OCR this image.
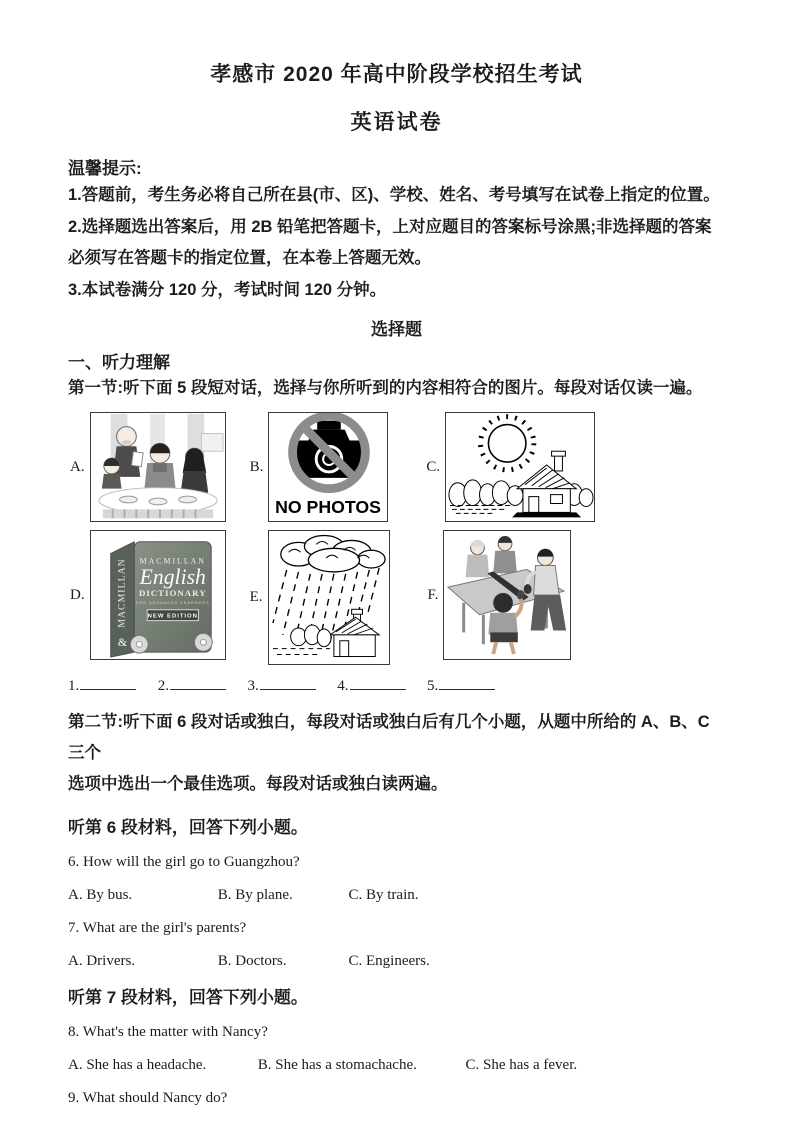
孝感市 2020 年高中阶段学校招生考试
英语试卷

温馨提示:

1.答题前，考生务必将自己所在县(市、区)、学校、姓名、考号填写在试卷上指定的位置。

2.选择题选出答案后，用 2B 铅笔把答题卡，上对应题目的答案标号涂黑;非选择题的答案必须写在答题卡的指定位置，在本卷上答题无效。

3.本试卷满分 120 分，考试时间 120 分钟。

选择题

一、听力理解

第一节:听下面 5 段短对话，选择与你所听到的内容相符合的图片。每段对话仅读一遍。

A.	B.
NO PHOTOS
C.
D.	MACMILLAN
&
MACMILLAN
English
DICTIONARY
FOR ADVANCED LEARNERS
NEW EDITION
E.	F.
1.	2.	3.	4.	5.

第二节:听下面 6 段对话或独白，每段对话或独白后有几个小题，从题中所给的 A、B、C 三个

选项中选出一个最佳选项。每段对话或独白读两遍。

听第 6 段材料，回答下列小题。

6. How will the girl go to Guangzhou?

A. By bus.	B. By plane.	C. By train.

7. What are the girl's parents?

A. Drivers.	B. Doctors.	C. Engineers.

听第 7 段材料，回答下列小题。

8. What's the matter with Nancy?

A. She has a headache.	B. She has a stomachache.	C. She has a fever.

9. What should Nancy do?
